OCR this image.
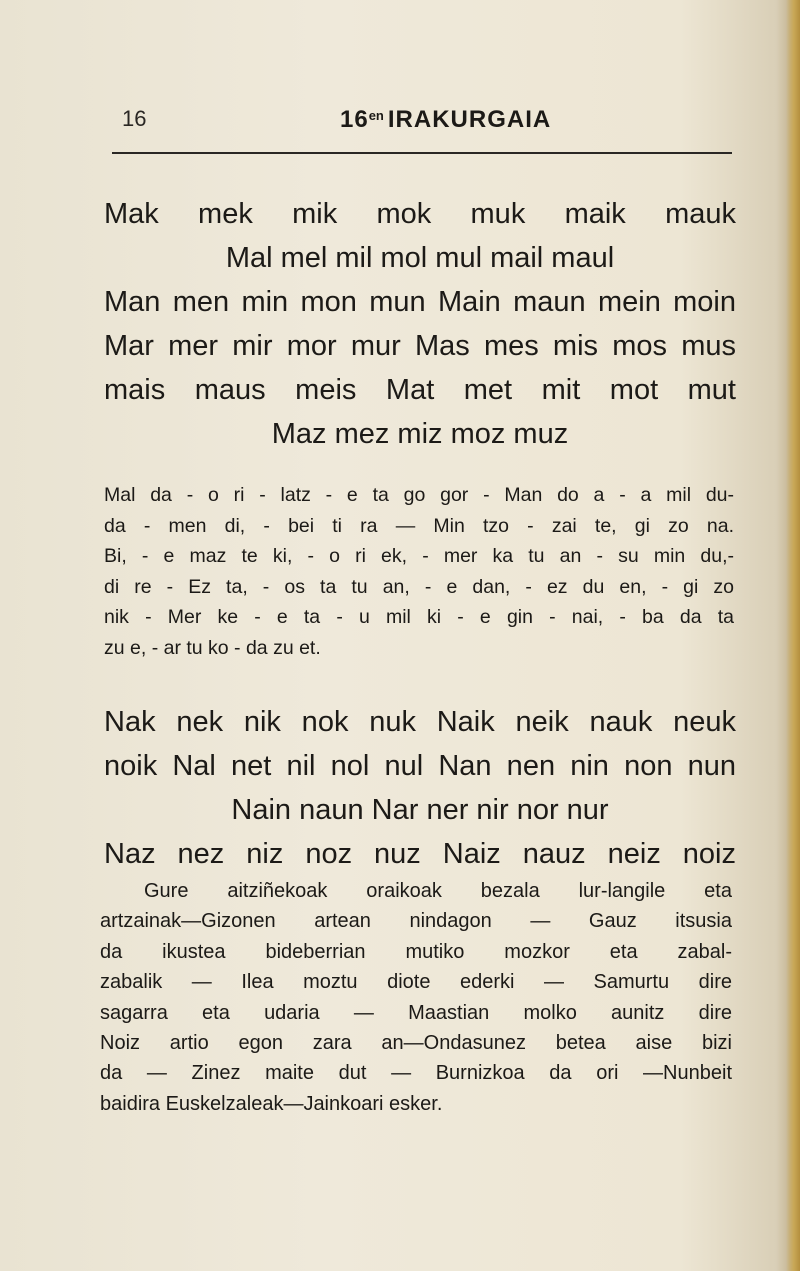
16	$16^{en}$ IRAKURGAIA
Mak mek mik mok muk maik mauk
Mal mel mil mol mul mail maul
Man men min mon mun Main maun mein moin
Mar mer mir mor mur Mas mes mis mos mus
mais maus meis Mat met mit mot mut
Maz mez miz moz muz
Mal da - o ri - latz - e ta go gor - Man do a - a mil du-
da - men di, - bei ti ra — Min tzo - zai te, gi zo na.
Bi, - e maz te ki, - o ri ek, - mer ka tu an - su min du,-
di re - Ez ta, - os ta tu an, - e dan, - ez du en, - gi zo
nik - Mer ke - e ta - u mil ki - e gin - nai, - ba da ta
zu e, - ar tu ko - da zu et.
Nak nek nik nok nuk Naik neik nauk neuk
noik Nal net nil nol nul Nan nen nin non nun
Nain naun Nar ner nir nor nur
Naz nez niz noz nuz Naiz nauz neiz noiz
Gure aitziñekoak oraikoak bezala lur-langile eta
artzainak—Gizonen artean nindagon — Gauz itsusia
da ikustea bideberrian mutiko mozkor eta zabal-
zabalik — Ilea moztu diote ederki — Samurtu dire
sagarra eta udaria — Maastian molko aunitz dire
Noiz artio egon zara an—Ondasunez betea aise bizi
da — Zinez maite dut — Burnizkoa da ori —Nunbeit
baidira Euskelzaleak—Jainkoari esker.
